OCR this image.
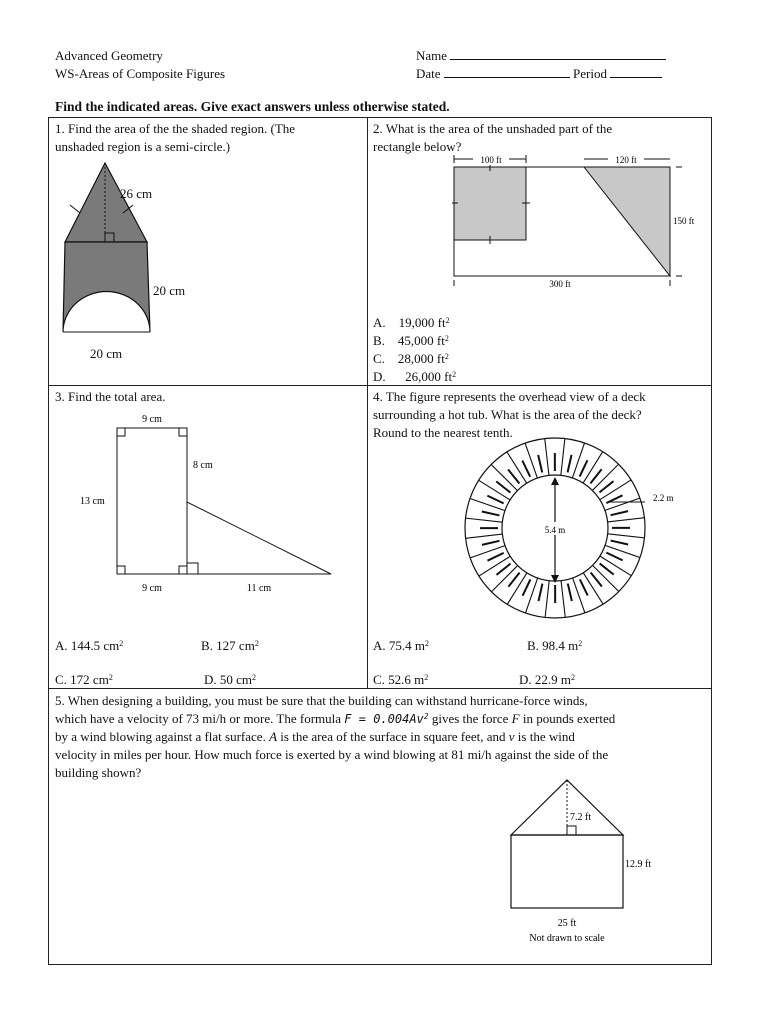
Advanced Geometry
WS-Areas of Composite Figures
Name
Date	Period
Find the indicated areas. Give exact answers unless otherwise stated.
1. Find the area of the the shaded region. (The
unshaded region is a semi-circle.)
26 cm
20 cm
20 cm
2. What is the area of the unshaded part of the
rectangle below?
100 ft	120 ft
150 ft
300 ft
A. 19,000 $ft^2$
B. 45,000 $ft^2$
C. 28,000 $ft^2$
D. 26,000 $ft^2$
3. Find the total area.
9 cm
8 cm
13 cm
9 cm	11 cm
A. 144.5 $cm^2$	B. 127 $cm^2$
C. 172 $cm^2$	D. 50 $cm^2$
4. The figure represents the overhead view of a deck
surrounding a hot tub. What is the area of the deck?
Round to the nearest tenth.
5.4 m
2.2 m
A. 75.4 $m^2$	B. 98.4 $m^2$
C. 52.6 $m^2$	D. 22.9 $m^2$
5. When designing a building, you must be sure that the building can withstand hurricane-force winds,
which have a velocity of 73 mi/h or more. The formula $F = 0.004Av^2$ gives the force F in pounds exerted
by a wind blowing against a flat surface. A is the area of the surface in square feet, and v is the wind
velocity in miles per hour. How much force is exerted by a wind blowing at 81 mi/h against the side of the
building shown?
7.2 ft
12.9 ft
25 ft
Not drawn to scale
